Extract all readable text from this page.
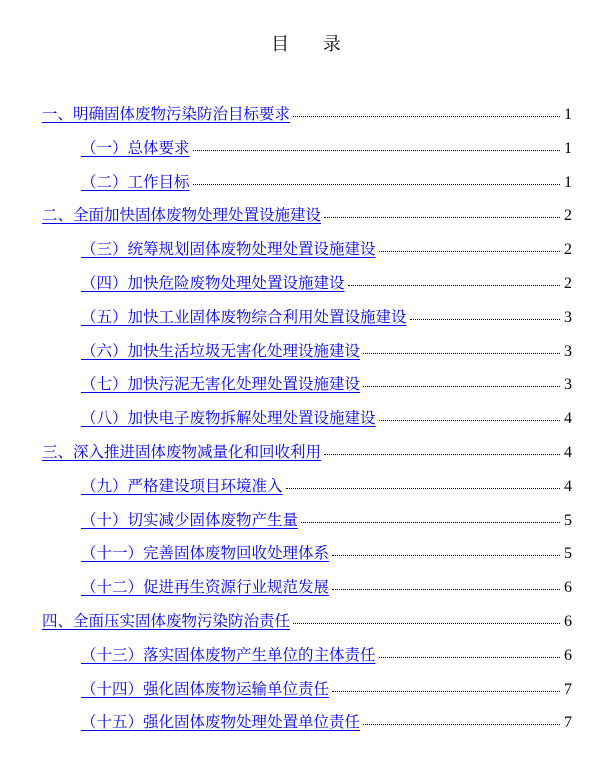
目 录
一、明确固体废物污染防治目标要求	1
（一）总体要求	1
（二）工作目标	1
二、全面加快固体废物处理处置设施建设	2
（三）统筹规划固体废物处理处置设施建设	2
（四）加快危险废物处理处置设施建设	2
（五）加快工业固体废物综合利用处置设施建设	3
（六）加快生活垃圾无害化处理设施建设	3
（七）加快污泥无害化处理处置设施建设	3
（八）加快电子废物拆解处理处置设施建设	4
三、深入推进固体废物减量化和回收利用	4
（九）严格建设项目环境准入	4
（十）切实减少固体废物产生量	5
（十一）完善固体废物回收处理体系	5
（十二）促进再生资源行业规范发展	6
四、全面压实固体废物污染防治责任	6
（十三）落实固体废物产生单位的主体责任	6
（十四）强化固体废物运输单位责任	7
（十五）强化固体废物处理处置单位责任	7
